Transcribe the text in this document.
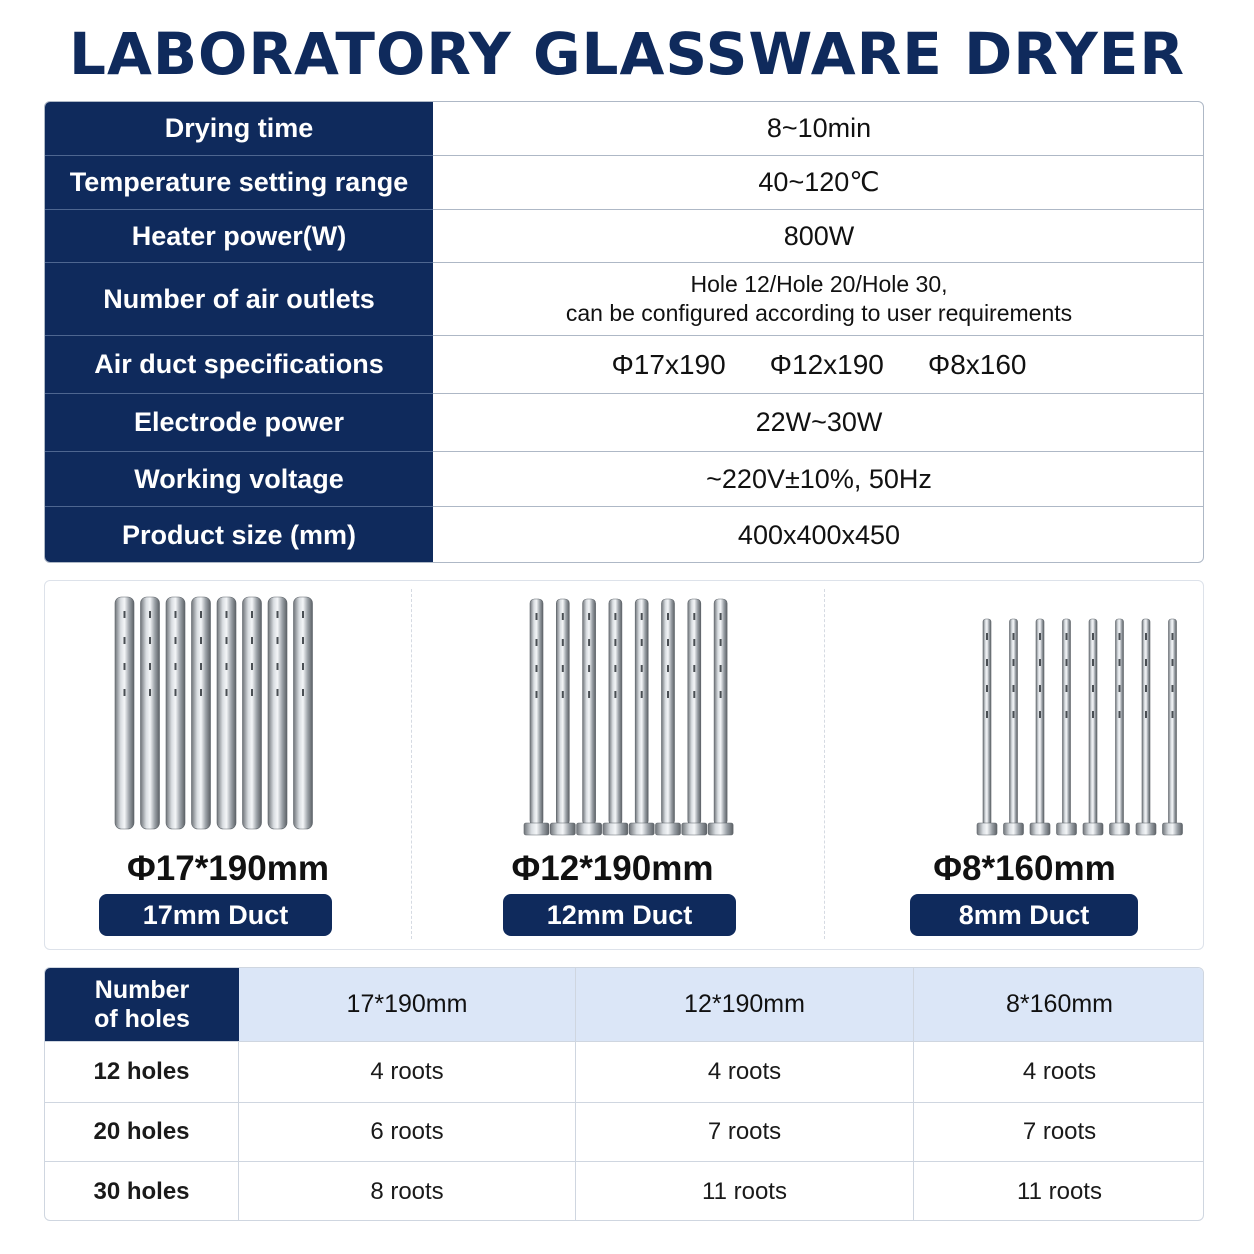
LABORATORY GLASSWARE DRYER
Drying time	8~10min
Temperature setting range	40~120℃
Heater power(W)	800W
Number of air outlets	Hole 12/Hole 20/Hole 30,
can be configured according to user requirements
Air duct specifications	Φ17x190 Φ12x190 Φ8x160
Electrode power	22W~30W
Working voltage	~220V±10%, 50Hz
Product size (mm)	400x400x450
Φ17*190mm
17mm Duct
Φ12*190mm
12mm Duct
Φ8*160mm
8mm Duct
Number
of holes
17*190mm	12*190mm	8*160mm
12 holes	4 roots	4 roots	4 roots
20 holes	6 roots	7 roots	7 roots
30 holes	8 roots	11 roots	11 roots
